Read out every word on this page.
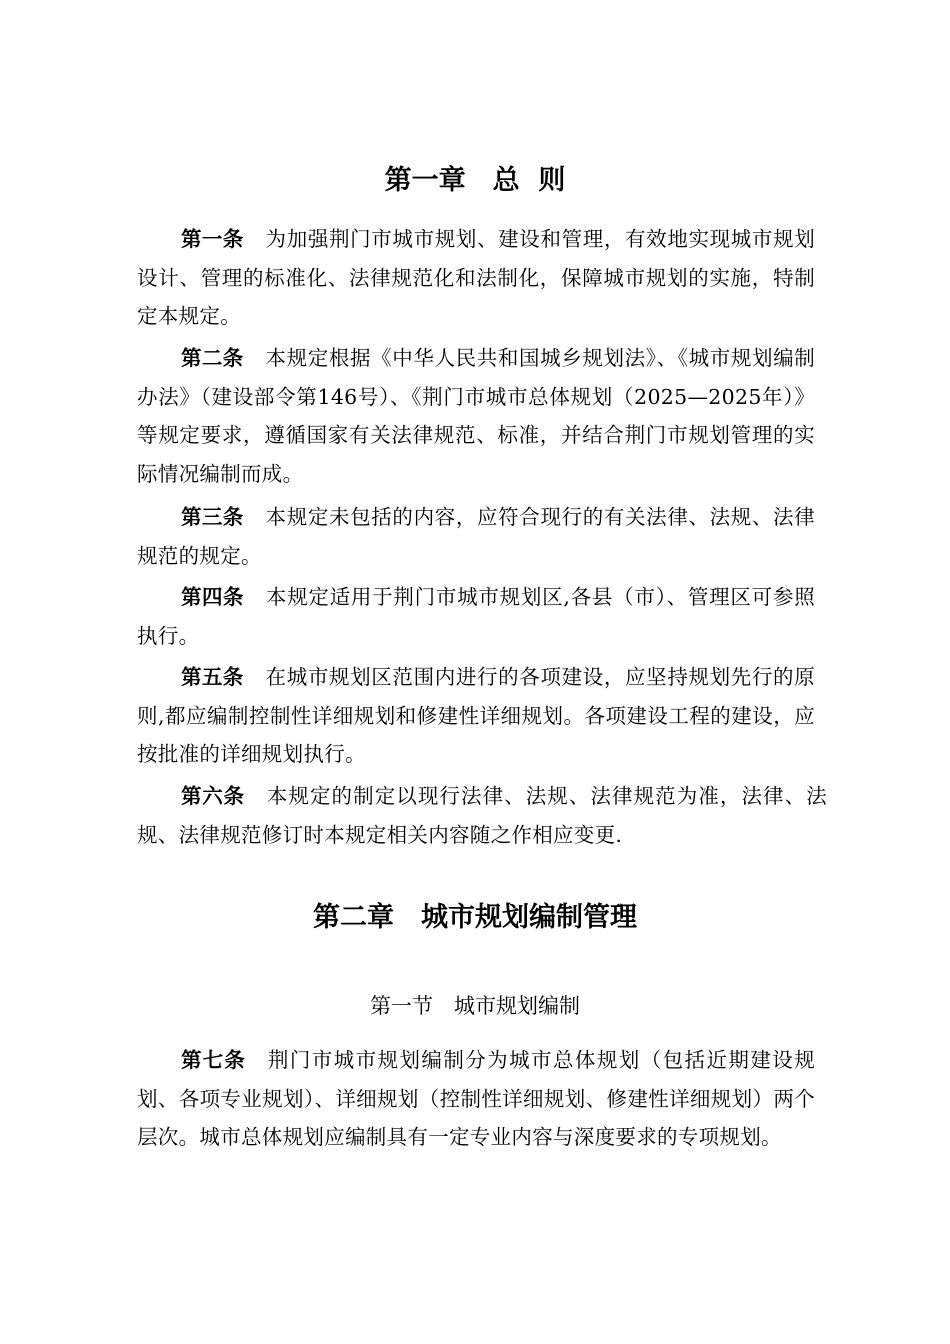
第一章　总  则

第一条 为加强荆门市城市规划、建设和管理，有效地实现城市规划设计、管理的标准化、法律规范化和法制化，保障城市规划的实施，特制定本规定。

第二条 本规定根据《中华人民共和国城乡规划法》、《城市规划编制办法》（建设部令第146号）、《荆门市城市总体规划（2025—2025年）》等规定要求，遵循国家有关法律规范、标准，并结合荆门市规划管理的实际情况编制而成。

第三条 本规定未包括的内容，应符合现行的有关法律、法规、法律规范的规定。

第四条 本规定适用于荆门市城市规划区,各县（市）、管理区可参照执行。

第五条 在城市规划区范围内进行的各项建设，应坚持规划先行的原则,都应编制控制性详细规划和修建性详细规划。各项建设工程的建设，应按批准的详细规划执行。

第六条 本规定的制定以现行法律、法规、法律规范为准，法律、法规、法律规范修订时本规定相关内容随之作相应变更.

第二章　城市规划编制管理
第一节　城市规划编制

第七条 荆门市城市规划编制分为城市总体规划（包括近期建设规划、各项专业规划）、详细规划（控制性详细规划、修建性详细规划）两个层次。城市总体规划应编制具有一定专业内容与深度要求的专项规划。
